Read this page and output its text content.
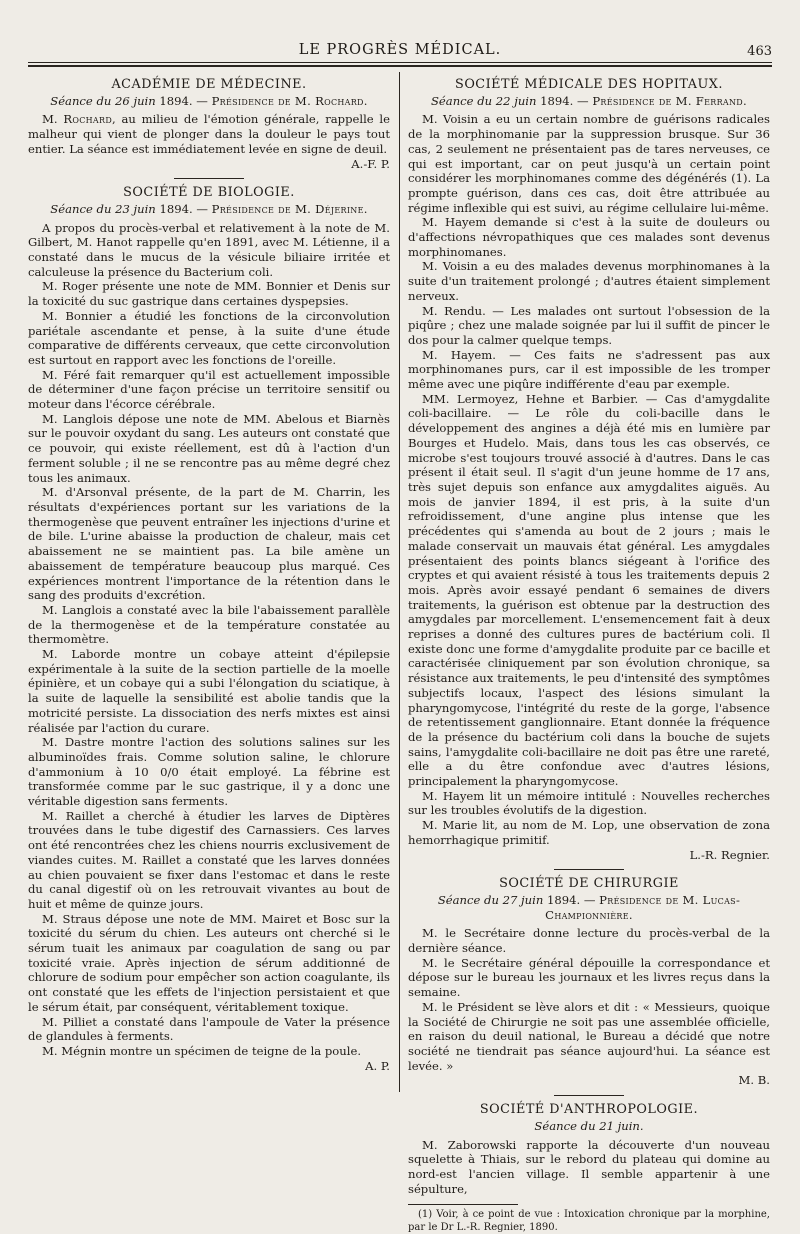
LE PROGRÈS MÉDICAL.	463
ACADÉMIE DE MÉDECINE.
Séance du 26 juin 1894. — Présidence de M. Rochard.

M. Rochard, au milieu de l'émotion générale, rappelle le malheur qui vient de plonger dans la douleur le pays tout entier. La séance est immédiatement levée en signe de deuil.

A.-F. P.
SOCIÉTÉ DE BIOLOGIE.
Séance du 23 juin 1894. — Présidence de M. Déjerine.

A propos du procès-verbal et relativement à la note de M. Gilbert, M. Hanot rappelle qu'en 1891, avec M. Létienne, il a constaté dans le mucus de la vésicule biliaire irritée et calculeuse la présence du Bacterium coli.

M. Roger présente une note de MM. Bonnier et Denis sur la toxicité du suc gastrique dans certaines dyspepsies.

M. Bonnier a étudié les fonctions de la circonvolution pariétale ascendante et pense, à la suite d'une étude comparative de différents cerveaux, que cette circonvolution est surtout en rapport avec les fonctions de l'oreille.

M. Féré fait remarquer qu'il est actuellement impossible de déterminer d'une façon précise un territoire sensitif ou moteur dans l'écorce cérébrale.

M. Langlois dépose une note de MM. Abelous et Biarnès sur le pouvoir oxydant du sang. Les auteurs ont constaté que ce pouvoir, qui existe réellement, est dû à l'action d'un ferment soluble ; il ne se rencontre pas au même degré chez tous les animaux.

M. d'Arsonval présente, de la part de M. Charrin, les résultats d'expériences portant sur les variations de la thermogenèse que peuvent entraîner les injections d'urine et de bile. L'urine abaisse la production de chaleur, mais cet abaissement ne se maintient pas. La bile amène un abaissement de température beaucoup plus marqué. Ces expériences montrent l'importance de la rétention dans le sang des produits d'excrétion.

M. Langlois a constaté avec la bile l'abaissement parallèle de la thermogenèse et de la température constatée au thermomètre.

M. Laborde montre un cobaye atteint d'épilepsie expérimentale à la suite de la section partielle de la moelle épinière, et un cobaye qui a subi l'élongation du sciatique, à la suite de laquelle la sensibilité est abolie tandis que la motricité persiste. La dissociation des nerfs mixtes est ainsi réalisée par l'action du curare.

M. Dastre montre l'action des solutions salines sur les albuminoïdes frais. Comme solution saline, le chlorure d'ammonium à 10 0/0 était employé. La fébrine est transformée comme par le suc gastrique, il y a donc une véritable digestion sans ferments.

M. Raillet a cherché à étudier les larves de Diptères trouvées dans le tube digestif des Carnassiers. Ces larves ont été rencontrées chez les chiens nourris exclusivement de viandes cuites. M. Raillet a constaté que les larves données au chien pouvaient se fixer dans l'estomac et dans le reste du canal digestif où on les retrouvait vivantes au bout de huit et même de quinze jours.

M. Straus dépose une note de MM. Mairet et Bosc sur la toxicité du sérum du chien. Les auteurs ont cherché si le sérum tuait les animaux par coagulation de sang ou par toxicité vraie. Après injection de sérum additionné de chlorure de sodium pour empêcher son action coagulante, ils ont constaté que les effets de l'injection persistaient et que le sérum était, par conséquent, véritablement toxique.

M. Pilliet a constaté dans l'ampoule de Vater la présence de glandules à ferments.

M. Mégnin montre un spécimen de teigne de la poule.

A. P.
SOCIÉTÉ MÉDICALE DES HOPITAUX.
Séance du 22 juin 1894. — Présidence de M. Ferrand.

M. Voisin a eu un certain nombre de guérisons radicales de la morphinomanie par la suppression brusque. Sur 36 cas, 2 seulement ne présentaient pas de tares nerveuses, ce qui est important, car on peut jusqu'à un certain point considérer les morphinomanes comme des dégénérés (1). La prompte guérison, dans ces cas, doit être attribuée au régime inflexible qui est suivi, au régime cellulaire lui-même.

M. Hayem demande si c'est à la suite de douleurs ou d'affections névropathiques que ces malades sont devenus morphinomanes.

M. Voisin a eu des malades devenus morphinomanes à la suite d'un traitement prolongé ; d'autres étaient simplement nerveux.

M. Rendu. — Les malades ont surtout l'obsession de la piqûre ; chez une malade soignée par lui il suffit de pincer le dos pour la calmer quelque temps.

M. Hayem. — Ces faits ne s'adressent pas aux morphinomanes purs, car il est impossible de les tromper même avec une piqûre indifférente d'eau par exemple.

MM. Lermoyez, Hehne et Barbier. — Cas d'amygdalite coli-bacillaire. — Le rôle du coli-bacille dans le développement des angines a déjà été mis en lumière par Bourges et Hudelo. Mais, dans tous les cas observés, ce microbe s'est toujours trouvé associé à d'autres. Dans le cas présent il était seul. Il s'agit d'un jeune homme de 17 ans, très sujet depuis son enfance aux amygdalites aiguës. Au mois de janvier 1894, il est pris, à la suite d'un refroidissement, d'une angine plus intense que les précédentes qui s'amenda au bout de 2 jours ; mais le malade conservait un mauvais état général. Les amygdales présentaient des points blancs siégeant à l'orifice des cryptes et qui avaient résisté à tous les traitements depuis 2 mois. Après avoir essayé pendant 6 semaines de divers traitements, la guérison est obtenue par la destruction des amygdales par morcellement. L'ensemencement fait à deux reprises a donné des cultures pures de bactérium coli. Il existe donc une forme d'amygdalite produite par ce bacille et caractérisée cliniquement par son évolution chronique, sa résistance aux traitements, le peu d'intensité des symptômes subjectifs locaux, l'aspect des lésions simulant la pharyngomycose, l'intégrité du reste de la gorge, l'absence de retentissement ganglionnaire. Etant donnée la fréquence de la présence du bactérium coli dans la bouche de sujets sains, l'amygdalite coli-bacillaire ne doit pas être une rareté, elle a du être confondue avec d'autres lésions, principalement la pharyngomycose.

M. Hayem lit un mémoire intitulé : Nouvelles recherches sur les troubles évolutifs de la digestion.

M. Marie lit, au nom de M. Lop, une observation de zona hemorrhagique primitif.

L.-R. Regnier.
SOCIÉTÉ DE CHIRURGIE
Séance du 27 juin 1894. — Présidence de M. Lucas-Championnière.

M. le Secrétaire donne lecture du procès-verbal de la dernière séance.

M. le Secrétaire général dépouille la correspondance et dépose sur le bureau les journaux et les livres reçus dans la semaine.

M. le Président se lève alors et dit : « Messieurs, quoique la Société de Chirurgie ne soit pas une assemblée officielle, en raison du deuil national, le Bureau a décidé que notre société ne tiendrait pas séance aujourd'hui. La séance est levée. »

M. B.
SOCIÉTÉ D'ANTHROPOLOGIE.
Séance du 21 juin.

M. Zaborowski rapporte la découverte d'un nouveau squelette à Thiais, sur le rebord du plateau qui domine au nord-est l'ancien village. Il semble appartenir à une sépulture,

(1) Voir, à ce point de vue : Intoxication chronique par la morphine, par le Dr L.-R. Regnier, 1890.
